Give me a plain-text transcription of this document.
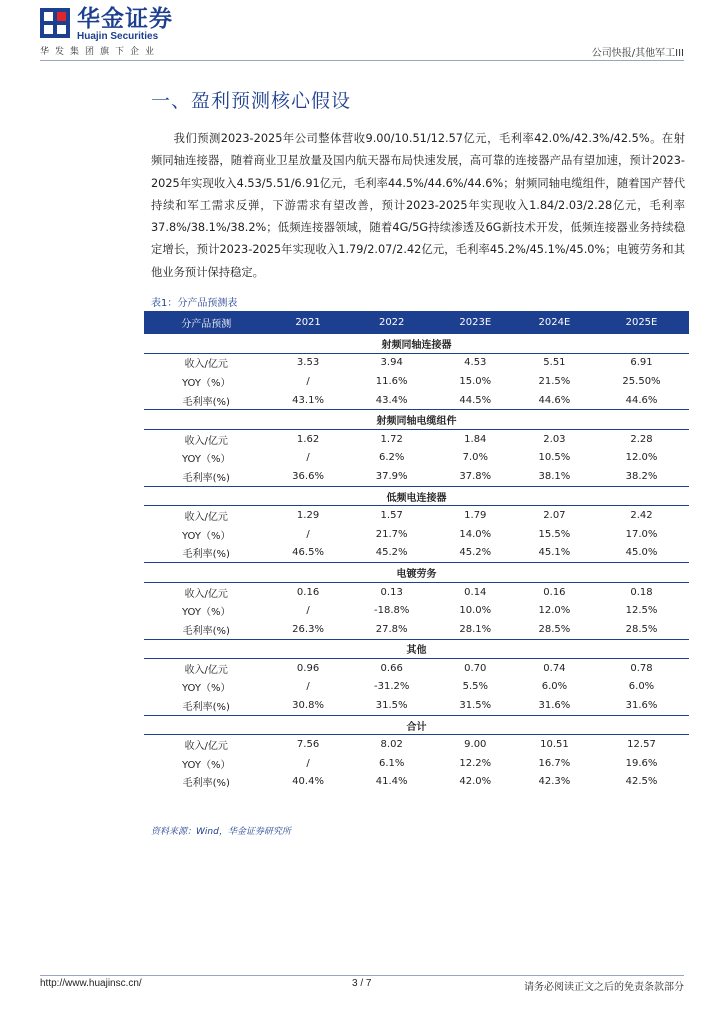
华金证券
Huajin Securities
华发集团旗下企业	公司快报/其他军工III
一、盈利预测核心假设
我们预测2023-2025年公司整体营收9.00/10.51/12.57亿元，毛利率42.0%/42.3%/42.5%。在射频同轴连接器，随着商业卫星放量及国内航天器布局快速发展，高可靠的连接器产品有望加速，预计2023-2025年实现收入4.53/5.51/6.91亿元，毛利率44.5%/44.6%/44.6%；射频同轴电缆组件，随着国产替代持续和军工需求反弹，下游需求有望改善，预计2023-2025年实现收入1.84/2.03/2.28亿元，毛利率37.8%/38.1%/38.2%；低频连接器领域，随着4G/5G持续渗透及6G新技术开发，低频连接器业务持续稳定增长，预计2023-2025年实现收入1.79/2.07/2.42亿元，毛利率45.2%/45.1%/45.0%；电镀劳务和其他业务预计保持稳定。
表1：分产品预测表
分产品预测	2021	2022	2023E	2024E	2025E
射频同轴连接器					
收入/亿元	3.53	3.94	4.53	5.51	6.91
YOY（%）	/	11.6%	15.0%	21.5%	25.50%
毛利率(%)	43.1%	43.4%	44.5%	44.6%	44.6%
射频同轴电缆组件					
收入/亿元	1.62	1.72	1.84	2.03	2.28
YOY（%）	/	6.2%	7.0%	10.5%	12.0%
毛利率(%)	36.6%	37.9%	37.8%	38.1%	38.2%
低频电连接器					
收入/亿元	1.29	1.57	1.79	2.07	2.42
YOY（%）	/	21.7%	14.0%	15.5%	17.0%
毛利率(%)	46.5%	45.2%	45.2%	45.1%	45.0%
电镀劳务					
收入/亿元	0.16	0.13	0.14	0.16	0.18
YOY（%）	/	-18.8%	10.0%	12.0%	12.5%
毛利率(%)	26.3%	27.8%	28.1%	28.5%	28.5%
其他					
收入/亿元	0.96	0.66	0.70	0.74	0.78
YOY（%）	/	-31.2%	5.5%	6.0%	6.0%
毛利率(%)	30.8%	31.5%	31.5%	31.6%	31.6%
合计					
收入/亿元	7.56	8.02	9.00	10.51	12.57
YOY（%）	/	6.1%	12.2%	16.7%	19.6%
毛利率(%)	40.4%	41.4%	42.0%	42.3%	42.5%
资料来源：Wind，华金证券研究所
http://www.huajinsc.cn/	3 / 7	请务必阅读正文之后的免责条款部分
